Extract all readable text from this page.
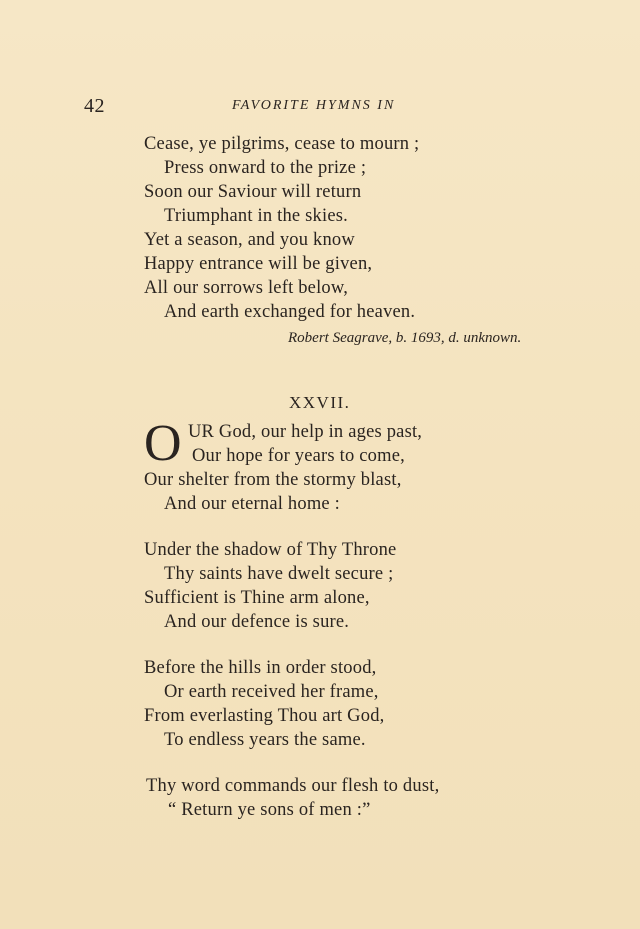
42	FAVORITE HYMNS IN
Cease, ye pilgrims, cease to mourn ;
Press onward to the prize ;
Soon our Saviour will return
Triumphant in the skies.
Yet a season, and you know
Happy entrance will be given,
All our sorrows left below,
And earth exchanged for heaven.
Robert Seagrave, b. 1693, d. unknown.
XXVII.
O UR God, our help in ages past,
Our hope for years to come,
Our shelter from the stormy blast,
And our eternal home :
Under the shadow of Thy Throne
Thy saints have dwelt secure ;
Sufficient is Thine arm alone,
And our defence is sure.
Before the hills in order stood,
Or earth received her frame,
From everlasting Thou art God,
To endless years the same.
Thy word commands our flesh to dust,
“ Return ye sons of men :”
